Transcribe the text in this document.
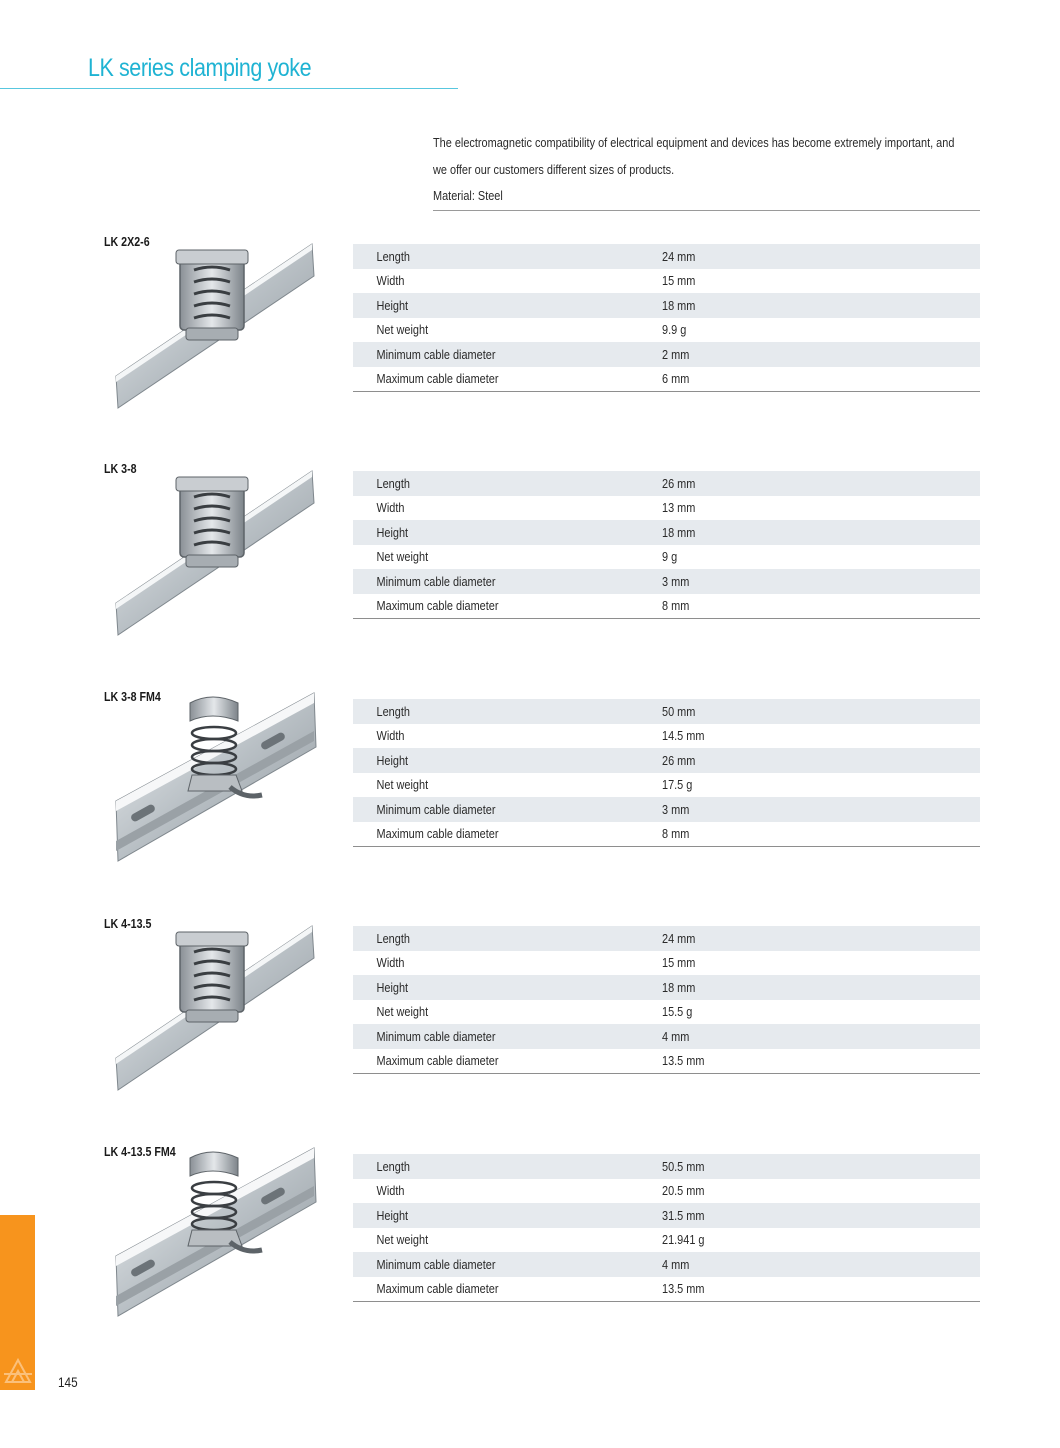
LK series clamping yoke

The electromagnetic compatibility of electrical equipment and devices has become extremely important, and

we offer our customers different sizes of products.

Material: Steel

LK 2X2-6
Length	24 mm
Width	15 mm
Height	18 mm
Net weight	9.9 g
Minimum cable diameter	2 mm
Maximum cable diameter	6 mm
LK 3-8
Length	26 mm
Width	13 mm
Height	18 mm
Net weight	9 g
Minimum cable diameter	3 mm
Maximum cable diameter	8 mm
LK 3-8 FM4
Length	50 mm
Width	14.5 mm
Height	26 mm
Net weight	17.5 g
Minimum cable diameter	3 mm
Maximum cable diameter	8 mm
LK 4-13.5
Length	24 mm
Width	15 mm
Height	18 mm
Net weight	15.5 g
Minimum cable diameter	4 mm
Maximum cable diameter	13.5 mm
LK 4-13.5 FM4
Length	50.5 mm
Width	20.5 mm
Height	31.5 mm
Net weight	21.941 g
Minimum cable diameter	4 mm
Maximum cable diameter	13.5 mm
145
